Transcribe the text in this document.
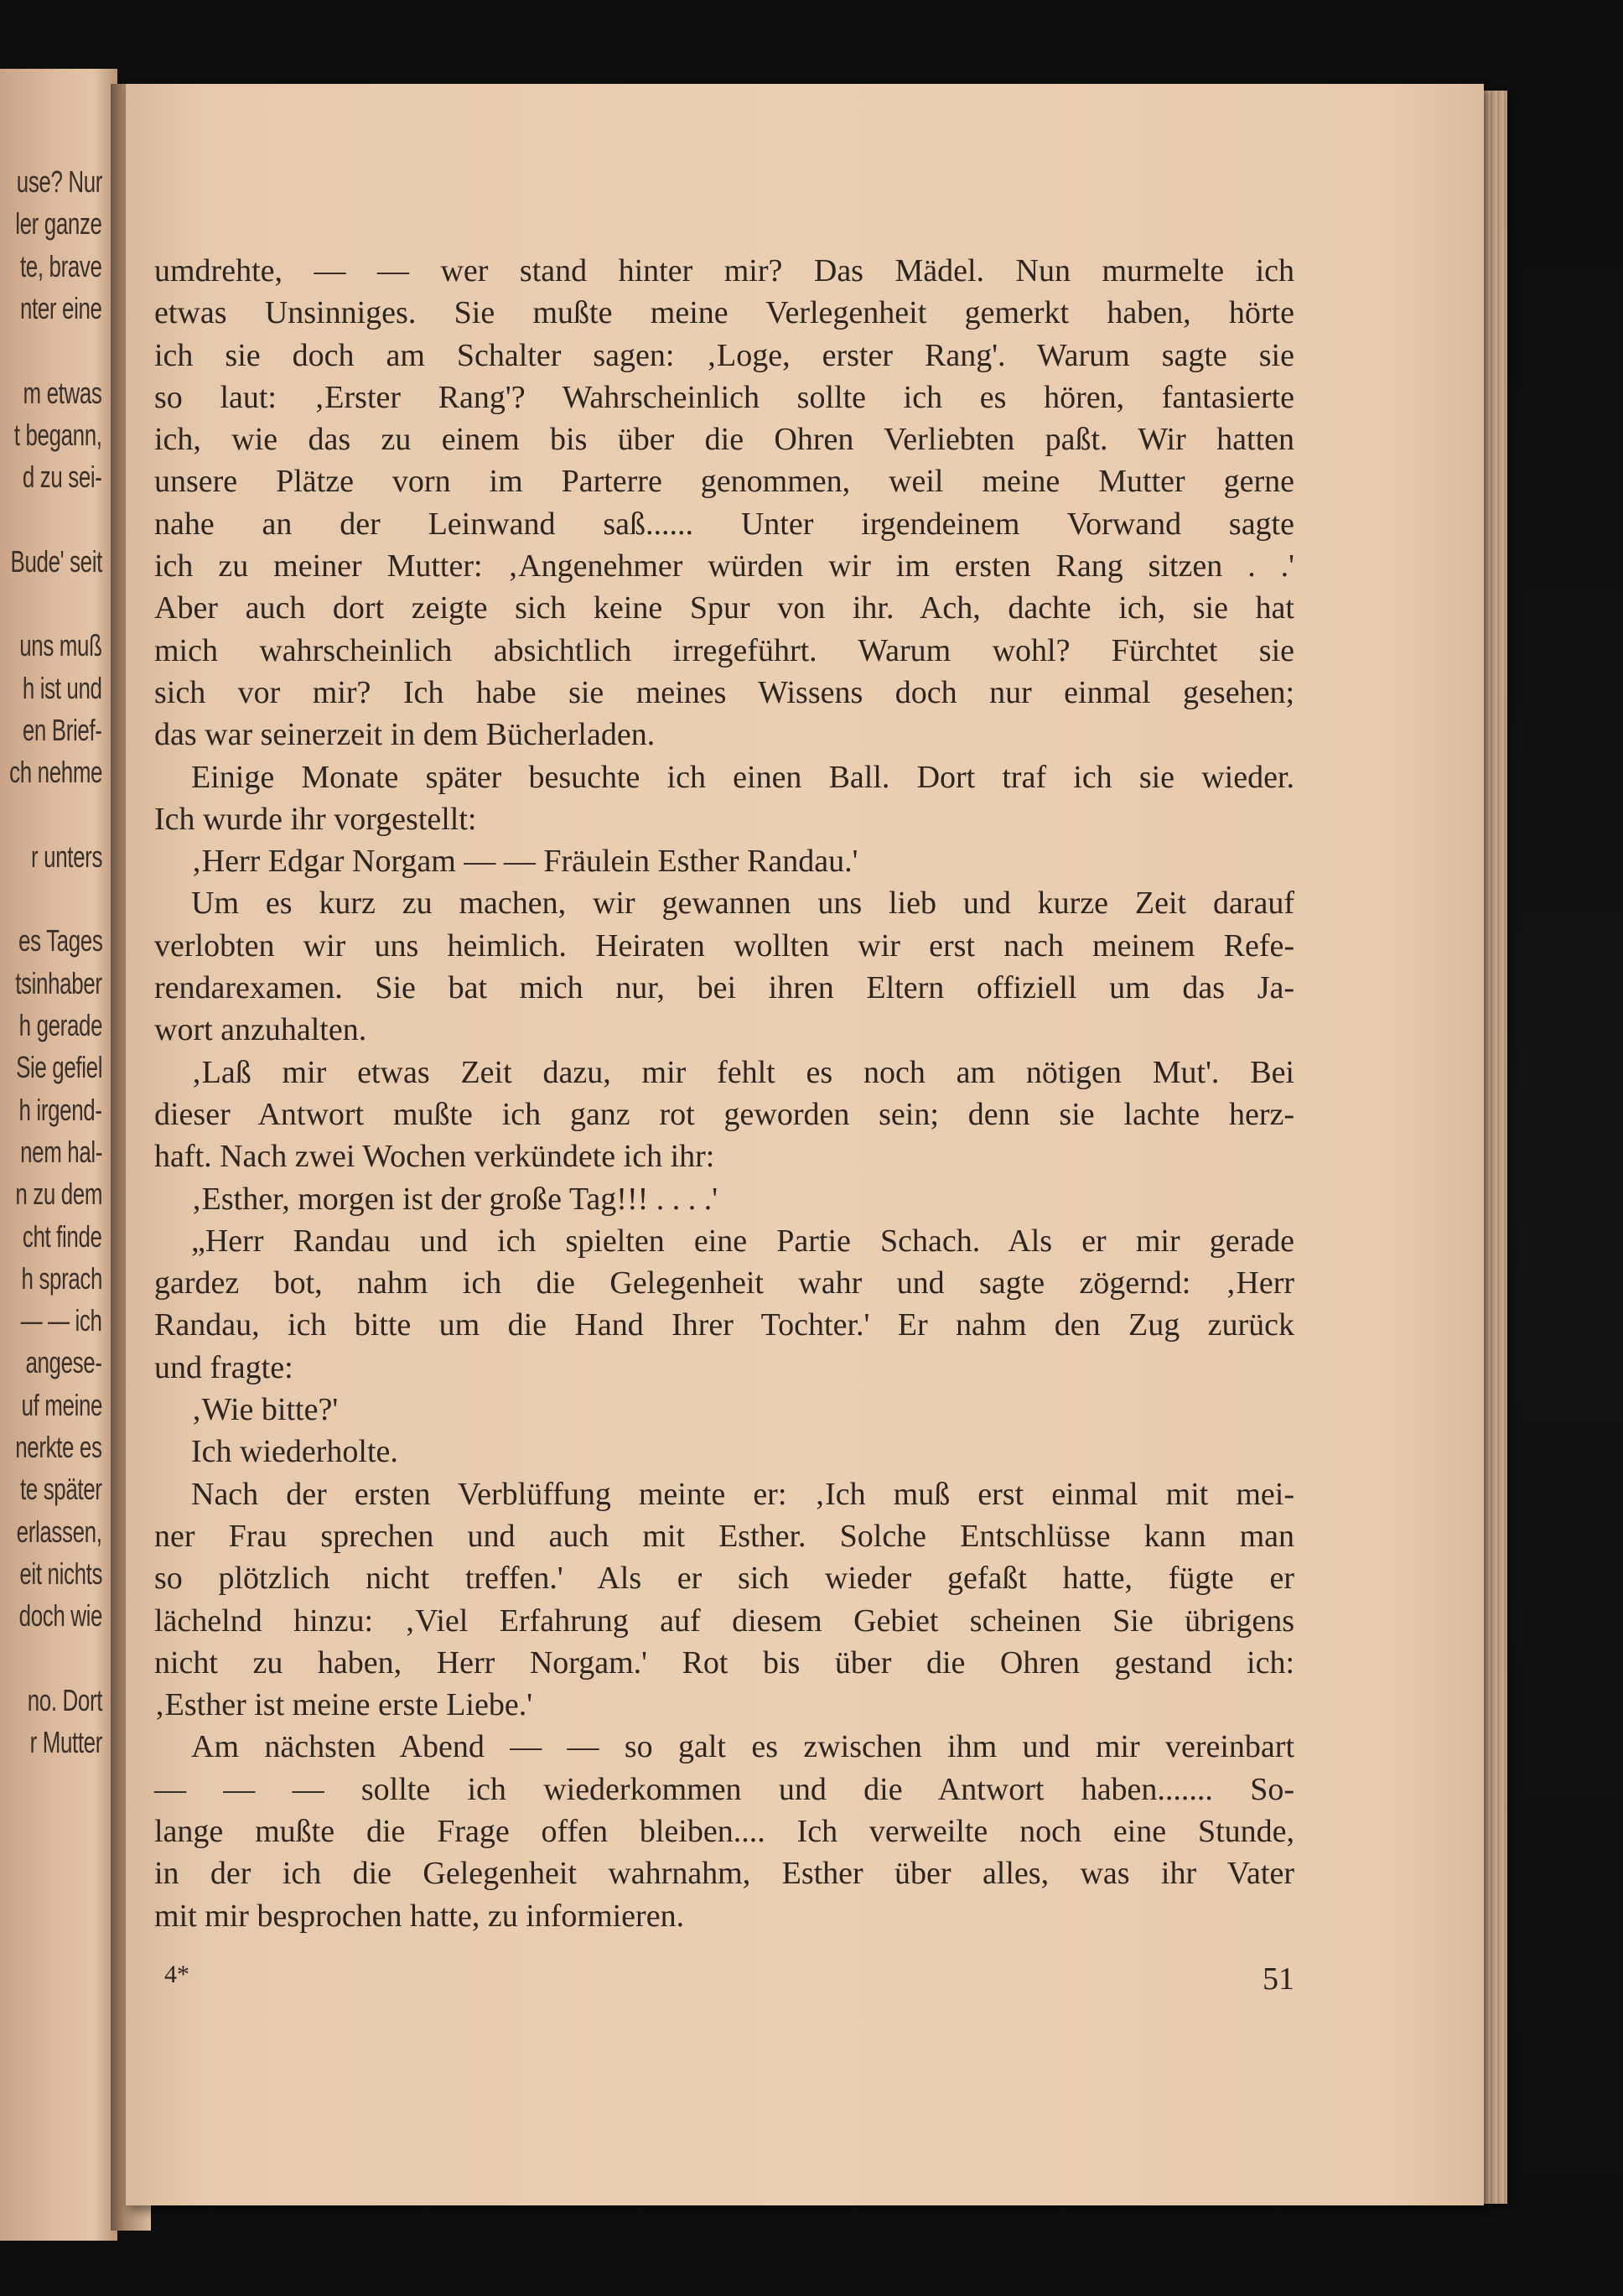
use? Nur
ler ganze
te, brave
nter eine
m etwas
t begann,
d zu sei-
Bude' seit
uns muß
h ist und
en Brief-
ch nehme
r unters
es Tages
tsinhaber
h gerade
Sie gefiel
h irgend-
nem hal-
n zu dem
cht finde
h sprach
— — ich
angese-
uf meine
nerkte es
te später
erlassen,
eit nichts
doch wie
no. Dort
r Mutter
umdrehte, — — wer stand hinter mir? Das Mädel. Nun murmelte ich
etwas Unsinniges. Sie mußte meine Verlegenheit gemerkt haben, hörte
ich sie doch am Schalter sagen: ‚Loge, erster Rang'. Warum sagte sie
so laut: ‚Erster Rang'? Wahrscheinlich sollte ich es hören, fantasierte
ich, wie das zu einem bis über die Ohren Verliebten paßt. Wir hatten
unsere Plätze vorn im Parterre genommen, weil meine Mutter gerne
nahe an der Leinwand saß...... Unter irgendeinem Vorwand sagte
ich zu meiner Mutter: ‚Angenehmer würden wir im ersten Rang sitzen . .'
Aber auch dort zeigte sich keine Spur von ihr. Ach, dachte ich, sie hat
mich wahrscheinlich absichtlich irregeführt. Warum wohl? Fürchtet sie
sich vor mir? Ich habe sie meines Wissens doch nur einmal gesehen;
das war seinerzeit in dem Bücherladen.
Einige Monate später besuchte ich einen Ball. Dort traf ich sie wieder.
Ich wurde ihr vorgestellt:
‚Herr Edgar Norgam — — Fräulein Esther Randau.'
Um es kurz zu machen, wir gewannen uns lieb und kurze Zeit darauf
verlobten wir uns heimlich. Heiraten wollten wir erst nach meinem Refe-
rendarexamen. Sie bat mich nur, bei ihren Eltern offiziell um das Ja-
wort anzuhalten.
‚Laß mir etwas Zeit dazu, mir fehlt es noch am nötigen Mut'. Bei
dieser Antwort mußte ich ganz rot geworden sein; denn sie lachte herz-
haft. Nach zwei Wochen verkündete ich ihr:
‚Esther, morgen ist der große Tag!!! . . . .'
„Herr Randau und ich spielten eine Partie Schach. Als er mir gerade
gardez bot, nahm ich die Gelegenheit wahr und sagte zögernd: ‚Herr
Randau, ich bitte um die Hand Ihrer Tochter.' Er nahm den Zug zurück
und fragte:
‚Wie bitte?'
Ich wiederholte.
Nach der ersten Verblüffung meinte er: ‚Ich muß erst einmal mit mei-
ner Frau sprechen und auch mit Esther. Solche Entschlüsse kann man
so plötzlich nicht treffen.' Als er sich wieder gefaßt hatte, fügte er
lächelnd hinzu: ‚Viel Erfahrung auf diesem Gebiet scheinen Sie übrigens
nicht zu haben, Herr Norgam.' Rot bis über die Ohren gestand ich:
‚Esther ist meine erste Liebe.'
Am nächsten Abend — — so galt es zwischen ihm und mir vereinbart
— — — sollte ich wiederkommen und die Antwort haben....... So-
lange mußte die Frage offen bleiben.... Ich verweilte noch eine Stunde,
in der ich die Gelegenheit wahrnahm, Esther über alles, was ihr Vater
mit mir besprochen hatte, zu informieren.
4*	51
